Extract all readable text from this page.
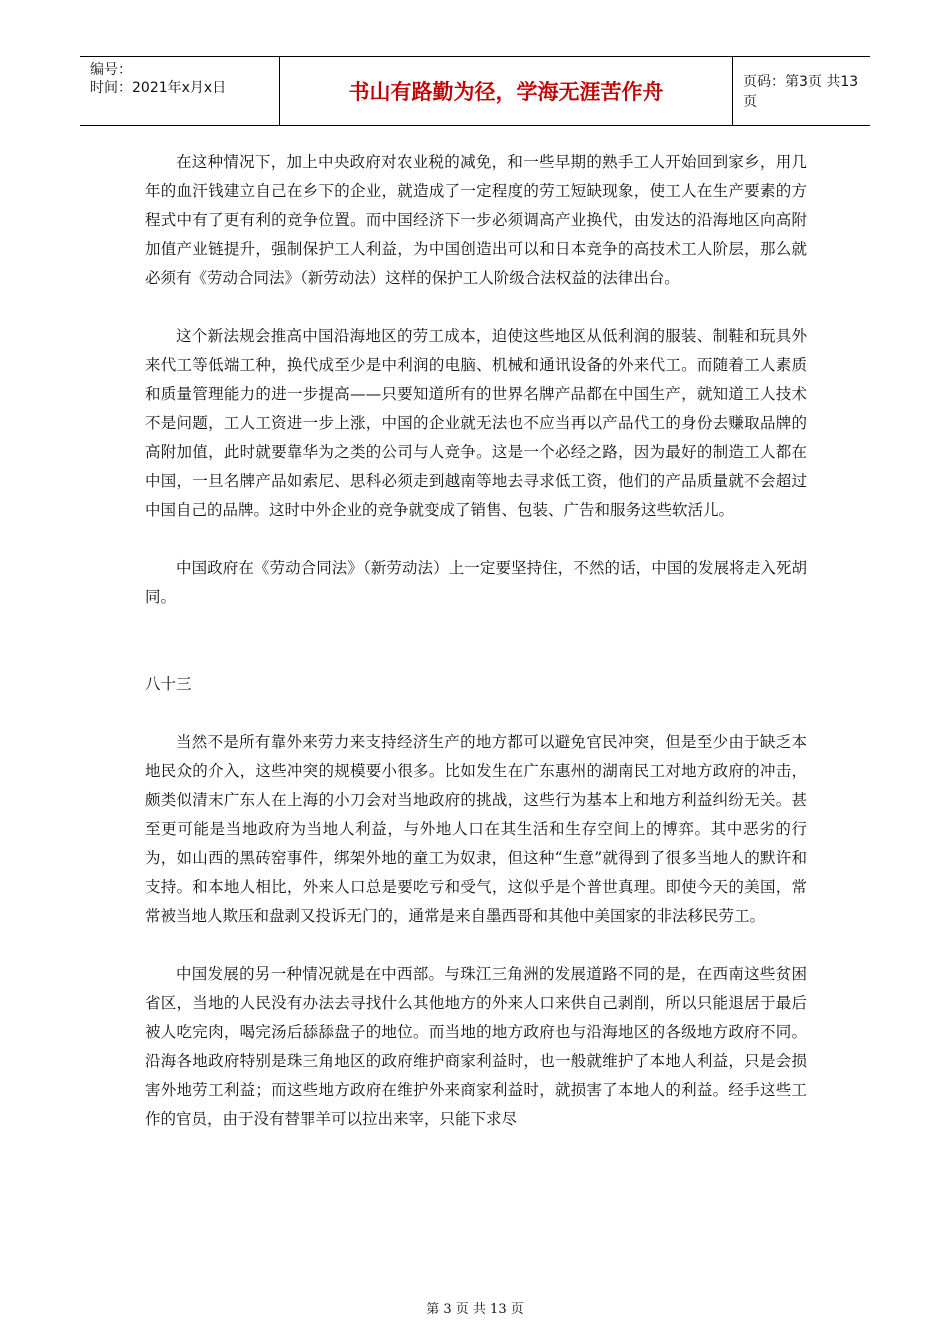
编号：
时间：2021年x月x日	书山有路勤为径，学海无涯苦作舟	页码：第3页 共13页

在这种情况下，加上中央政府对农业税的减免，和一些早期的熟手工人开始回到家乡，用几年的血汗钱建立自己在乡下的企业，就造成了一定程度的劳工短缺现象，使工人在生产要素的方程式中有了更有利的竞争位置。而中国经济下一步必须调高产业换代，由发达的沿海地区向高附加值产业链提升，强制保护工人利益，为中国创造出可以和日本竞争的高技术工人阶层，那么就必须有《劳动合同法》（新劳动法）这样的保护工人阶级合法权益的法律出台。

这个新法规会推高中国沿海地区的劳工成本，迫使这些地区从低利润的服装、制鞋和玩具外来代工等低端工种，换代成至少是中利润的电脑、机械和通讯设备的外来代工。而随着工人素质和质量管理能力的进一步提高——只要知道所有的世界名牌产品都在中国生产，就知道工人技术不是问题，工人工资进一步上涨，中国的企业就无法也不应当再以产品代工的身份去赚取品牌的高附加值，此时就要靠华为之类的公司与人竞争。这是一个必经之路，因为最好的制造工人都在中国，一旦名牌产品如索尼、思科必须走到越南等地去寻求低工资，他们的产品质量就不会超过中国自己的品牌。这时中外企业的竞争就变成了销售、包装、广告和服务这些软活儿。

中国政府在《劳动合同法》（新劳动法）上一定要坚持住，不然的话，中国的发展将走入死胡同。

八十三

当然不是所有靠外来劳力来支持经济生产的地方都可以避免官民冲突，但是至少由于缺乏本地民众的介入，这些冲突的规模要小很多。比如发生在广东惠州的湖南民工对地方政府的冲击，颇类似清末广东人在上海的小刀会对当地政府的挑战，这些行为基本上和地方利益纠纷无关。甚至更可能是当地政府为当地人利益，与外地人口在其生活和生存空间上的博弈。其中恶劣的行为，如山西的黑砖窑事件，绑架外地的童工为奴隶，但这种“生意”就得到了很多当地人的默许和支持。和本地人相比，外来人口总是要吃亏和受气，这似乎是个普世真理。即使今天的美国，常常被当地人欺压和盘剥又投诉无门的，通常是来自墨西哥和其他中美国家的非法移民劳工。

中国发展的另一种情况就是在中西部。与珠江三角洲的发展道路不同的是，在西南这些贫困省区，当地的人民没有办法去寻找什么其他地方的外来人口来供自己剥削，所以只能退居于最后被人吃完肉，喝完汤后舔舔盘子的地位。而当地的地方政府也与沿海地区的各级地方政府不同。沿海各地政府特别是珠三角地区的政府维护商家利益时，也一般就维护了本地人利益，只是会损害外地劳工利益；而这些地方政府在维护外来商家利益时，就损害了本地人的利益。经手这些工作的官员，由于没有替罪羊可以拉出来宰，只能下求尽

第 3 页 共 13 页
